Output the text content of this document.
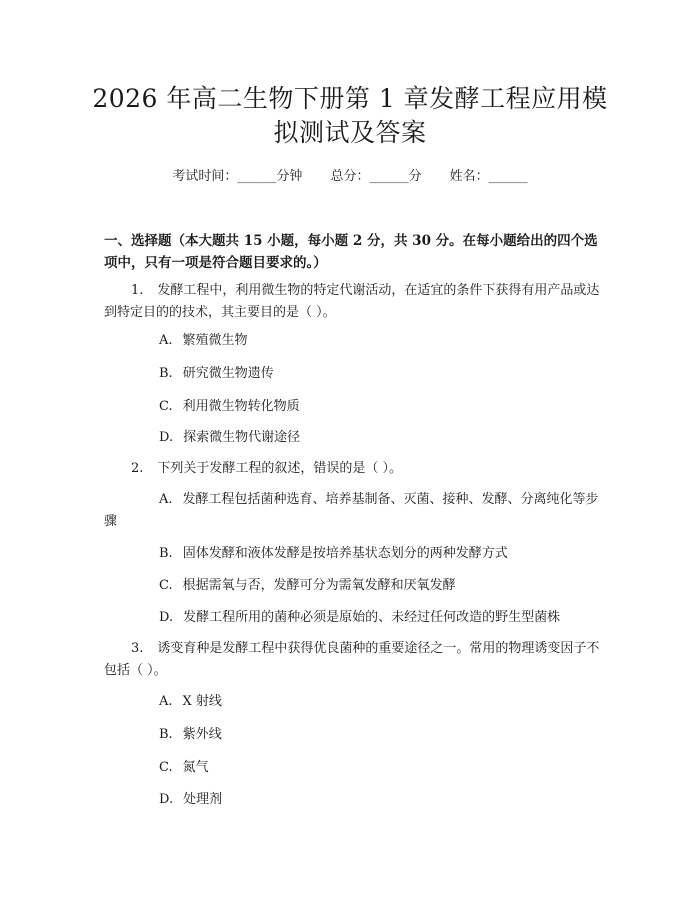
2026 年高二生物下册第 1 章发酵工程应用模
拟测试及答案
考试时间：______分钟 总分：______分 姓名：______

一、选择题（本大题共 15 小题，每小题 2 分，共 30 分。在每小题给出的四个选项中，只有一项是符合题目要求的。）

1. 发酵工程中，利用微生物的特定代谢活动，在适宜的条件下获得有用产品或达到特定目的的技术，其主要目的是（ ）。

A. 繁殖微生物

B. 研究微生物遗传

C. 利用微生物转化物质

D. 探索微生物代谢途径

2. 下列关于发酵工程的叙述，错误的是（ ）。

A. 发酵工程包括菌种选育、培养基制备、灭菌、接种、发酵、分离纯化等步骤

B. 固体发酵和液体发酵是按培养基状态划分的两种发酵方式

C. 根据需氧与否，发酵可分为需氧发酵和厌氧发酵

D. 发酵工程所用的菌种必须是原始的、未经过任何改造的野生型菌株

3. 诱变育种是发酵工程中获得优良菌种的重要途径之一。常用的物理诱变因子不包括（ ）。

A. X 射线

B. 紫外线

C. 氮气

D. 处理剂
